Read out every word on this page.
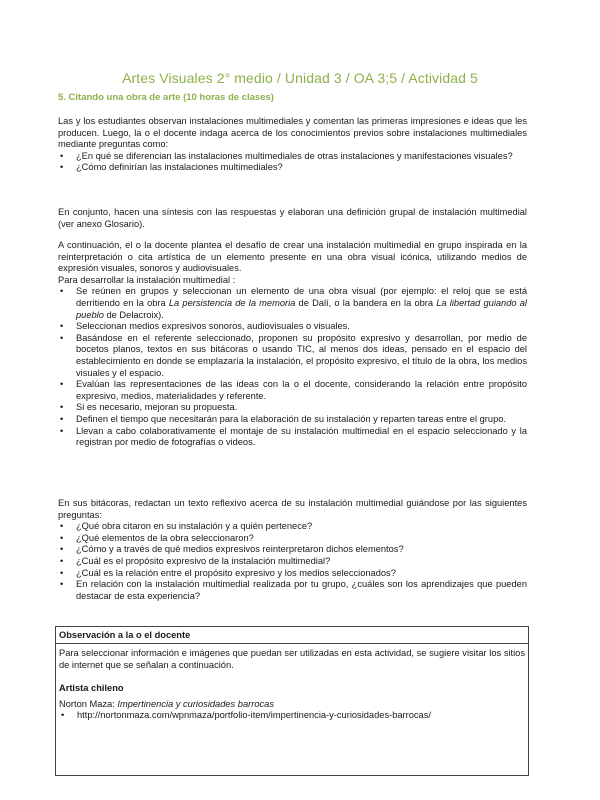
Artes Visuales 2° medio / Unidad 3 / OA 3;5 / Actividad 5
5. Citando una obra de arte (10 horas de clases)

Las y los estudiantes observan instalaciones multimediales y comentan las primeras impresiones e ideas que les producen. Luego, la o el docente indaga acerca de los conocimientos previos sobre instalaciones multimediales mediante preguntas como:

• ¿En qué se diferencian las instalaciones multimediales de otras instalaciones y manifestaciones visuales?
• ¿Cómo definirían las instalaciones multimediales?

En conjunto, hacen una síntesis con las respuestas y elaboran una definición grupal de instalación multimedial (ver anexo Glosario).

A continuación, el o la docente plantea el desafío de crear una instalación multimedial en grupo inspirada en la reinterpretación o cita artística de un elemento presente en una obra visual icónica, utilizando medios de expresión visuales, sonoros y audiovisuales.

Para desarrollar la instalación multimedial :

• Se reúnen en grupos y seleccionan un elemento de una obra visual (por ejemplo: el reloj que se está derritiendo en la obra La persistencia de la memoria de Dalí, o la bandera en la obra La libertad guiando al pueblo de Delacroix).
• Seleccionan medios expresivos sonoros, audiovisuales o visuales.
• Basándose en el referente seleccionado, proponen su propósito expresivo y desarrollan, por medio de bocetos planos, textos en sus bitácoras o usando TIC, al menos dos ideas, pensado en el espacio del establecimiento en donde se emplazaría la instalación, el propósito expresivo, el título de la obra, los medios visuales y el espacio.
• Evalúan las representaciones de las ideas con la o el docente, considerando la relación entre propósito expresivo, medios, materialidades y referente.
• Si es necesario, mejoran su propuesta.
• Definen el tiempo que necesitarán para la elaboración de su instalación y reparten tareas entre el grupo.
• Llevan a cabo colaborativamente el montaje de su instalación multimedial en el espacio seleccionado y la registran por medio de fotografías o videos.

En sus bitácoras, redactan un texto reflexivo acerca de su instalación multimedial guiándose por las siguientes preguntas:

• ¿Qué obra citaron en su instalación y a quién pertenece?
• ¿Qué elementos de la obra seleccionaron?
• ¿Cómo y a través de qué medios expresivos reinterpretaron dichos elementos?
• ¿Cuál es el propósito expresivo de la instalación multimedial?
• ¿Cuál es la relación entre el propósito expresivo y los medios seleccionados?
• En relación con la instalación multimedial realizada por tu grupo, ¿cuáles son los aprendizajes que pueden destacar de esta experiencia?
Observación a la o el docente

Para seleccionar información e imágenes que puedan ser utilizadas en esta actividad, se sugiere visitar los sitios de internet que se señalan a continuación.

Artista chileno

Norton Maza: Impertinencia y curiosidades barrocas

• http://nortonmaza.com/wpnmaza/portfolio-item/impertinencia-y-curiosidades-barrocas/
